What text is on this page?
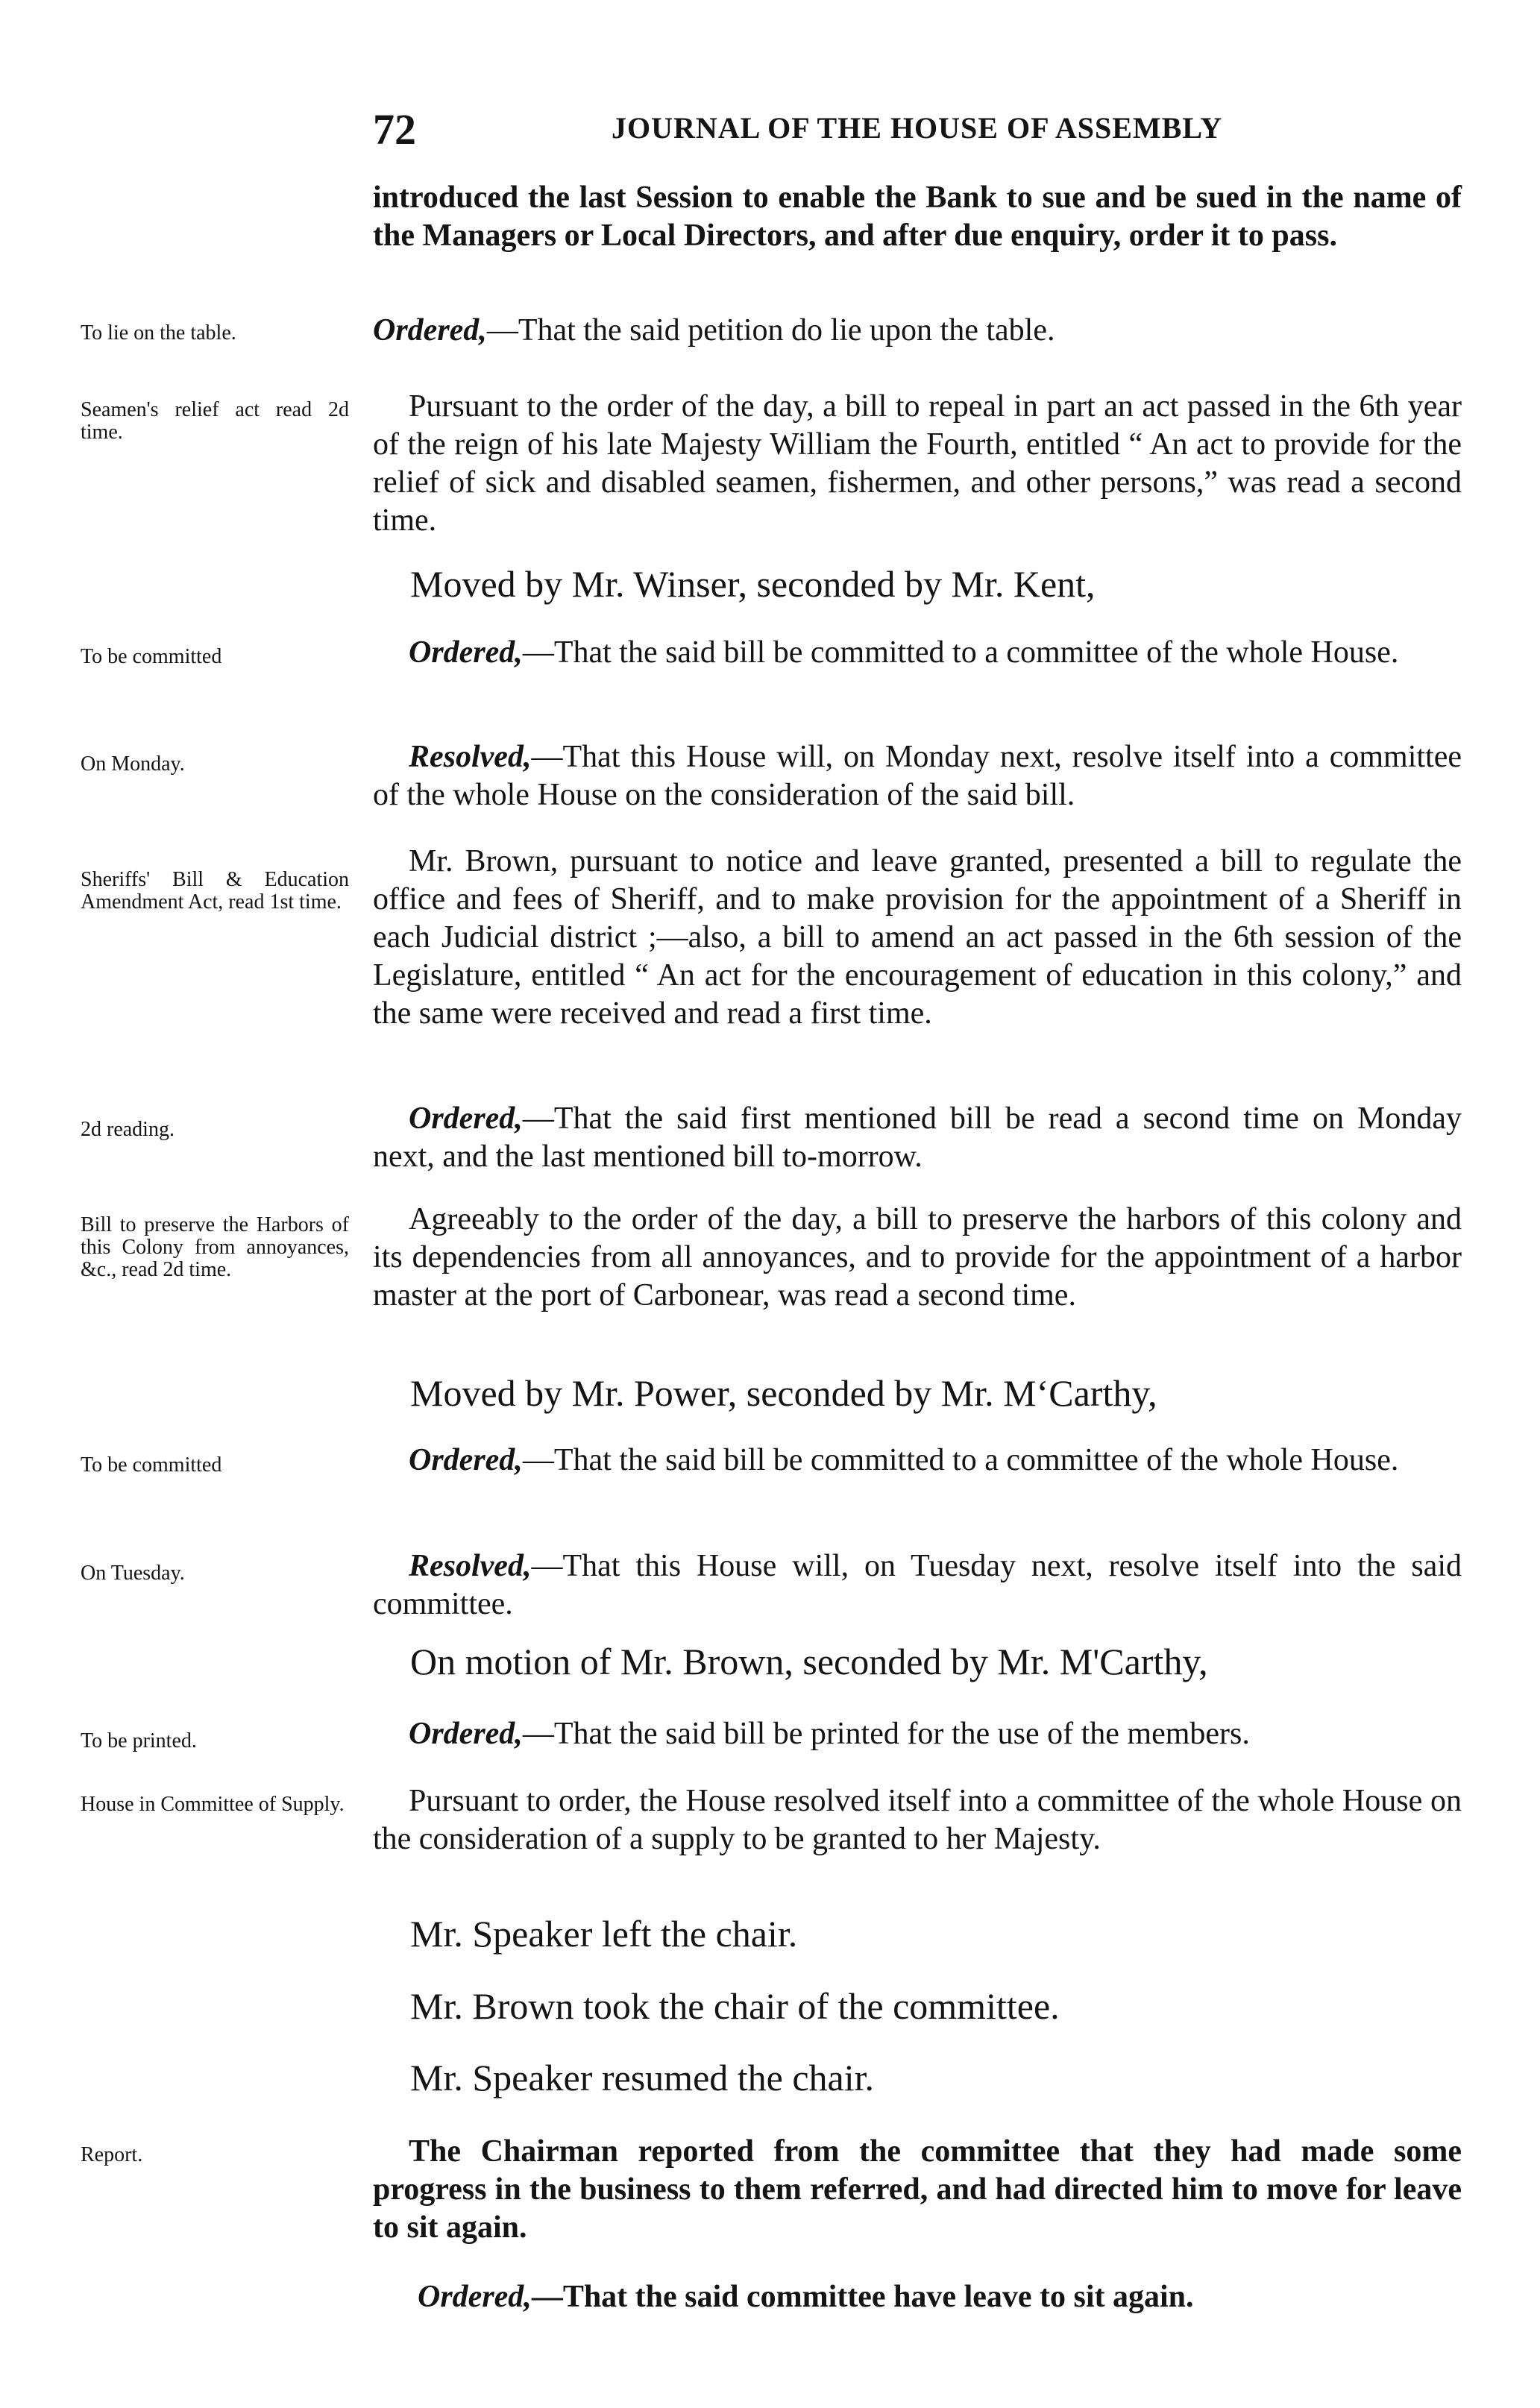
72	JOURNAL OF THE HOUSE OF ASSEMBLY
introduced the last Session to enable the Bank to sue and be sued in the name of the Managers or Local Directors, and after due enquiry, order it to pass.
To lie on the table.	Ordered,—That the said petition do lie upon the table.
Seamen's relief act read 2d time.
Pursuant to the order of the day, a bill to repeal in part an act passed in the 6th year of the reign of his late Majesty William the Fourth, entitled “ An act to provide for the relief of sick and disabled seamen, fishermen, and other persons,” was read a second time.
Moved by Mr. Winser, seconded by Mr. Kent,
To be committed	Ordered,—That the said bill be committed to a committee of the whole House.
On Monday.	Resolved,—That this House will, on Monday next, resolve itself into a committee of the whole House on the consideration of the said bill.
Sheriffs' Bill & Education Amendment Act, read 1st time.
Mr. Brown, pursuant to notice and leave granted, presented a bill to regulate the office and fees of Sheriff, and to make provision for the appointment of a Sheriff in each Judicial district ;—also, a bill to amend an act passed in the 6th session of the Legislature, entitled “ An act for the encouragement of education in this colony,” and the same were received and read a first time.
2d reading.	Ordered,—That the said first mentioned bill be read a second time on Monday next, and the last mentioned bill to-morrow.
Bill to preserve the Harbors of this Colony from annoyances, &c., read 2d time.
Agreeably to the order of the day, a bill to preserve the harbors of this colony and its dependencies from all annoyances, and to provide for the appointment of a harbor master at the port of Carbonear, was read a second time.
Moved by Mr. Power, seconded by Mr. M‘Carthy,
To be committed	Ordered,—That the said bill be committed to a committee of the whole House.
On Tuesday.	Resolved,—That this House will, on Tuesday next, resolve itself into the said committee.
On motion of Mr. Brown, seconded by Mr. M'Carthy,
To be printed.	Ordered,—That the said bill be printed for the use of the members.
House in Committee of Supply.	Pursuant to order, the House resolved itself into a committee of the whole House on the consideration of a supply to be granted to her Majesty.
Mr. Speaker left the chair.
Mr. Brown took the chair of the committee.
Mr. Speaker resumed the chair.
Report.	The Chairman reported from the committee that they had made some progress in the business to them referred, and had directed him to move for leave to sit again.
Ordered,—That the said committee have leave to sit again.
